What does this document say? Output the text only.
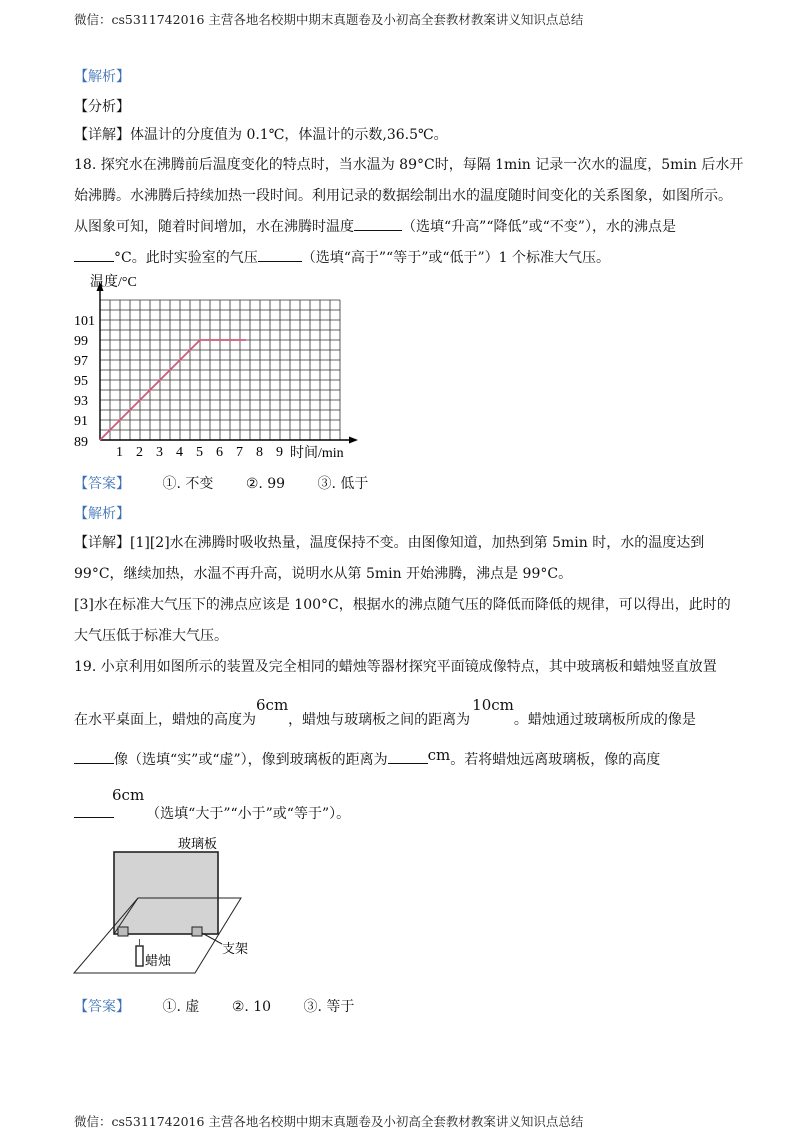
微信：cs5311742016 主营各地名校期中期末真题卷及小初高全套教材教案讲义知识点总结
【解析】
【分析】
【详解】体温计的分度值为 0.1℃，体温计的示数,36.5℃。
18. 探究水在沸腾前后温度变化的特点时，当水温为 89°C时，每隔 1min 记录一次水的温度，5min 后水开
始沸腾。水沸腾后持续加热一段时间。利用记录的数据绘制出水的温度随时间变化的关系图象，如图所示。
从图象可知，随着时间增加，水在沸腾时温度	（选填“升高”“降低”或“不变”），水的沸点是
°C。此时实验室的气压	（选填“高于”“等于”或“低于”）1 个标准大气压。
1 2 3 4 5 6 7 8 9
89
91
93
95
97
99
101
温度/°C
时间/min
【答案】 ①. 不变 ②. 99 ③. 低于
【解析】
【详解】[1][2]水在沸腾时吸收热量，温度保持不变。由图像知道，加热到第 5min 时，水的温度达到
99°C，继续加热，水温不再升高，说明水从第 5min 开始沸腾，沸点是 99°C。
[3]水在标准大气压下的沸点应该是 100°C，根据水的沸点随气压的降低而降低的规律，可以得出，此时的
大气压低于标准大气压。
19. 小京利用如图所示的装置及完全相同的蜡烛等器材探究平面镜成像特点，其中玻璃板和蜡烛竖直放置
在水平桌面上，蜡烛的高度为6cm，蜡烛与玻璃板之间的距离为10cm。蜡烛通过玻璃板所成的像是
像（选填“实”或“虚”），像到玻璃板的距离为	cm。若将蜡烛远离玻璃板，像的高度
6cm（选填“大于”“小于”或“等于”）。
玻璃板
支架
蜡烛
【答案】 ①. 虚 ②. 10 ③. 等于
微信：cs5311742016 主营各地名校期中期末真题卷及小初高全套教材教案讲义知识点总结
